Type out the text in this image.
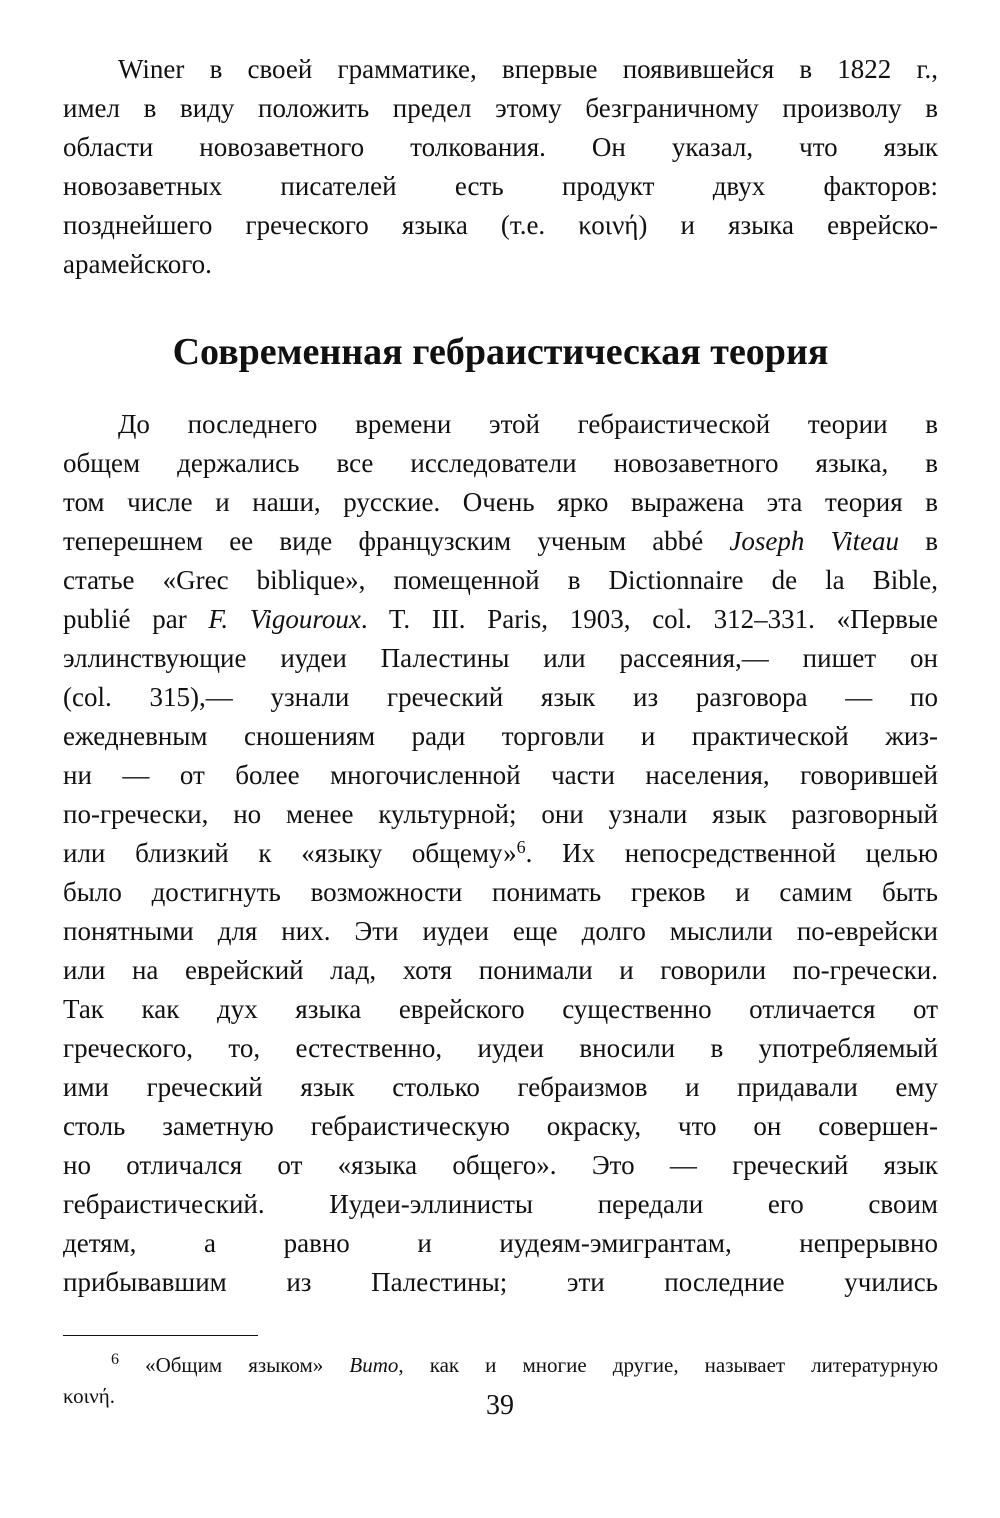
Winer в своей грамматике, впервые появившейся в 1822 г.,
имел в виду положить предел этому безграничному произволу в
области новозаветного толкования. Он указал, что язык
новозаветных писателей есть продукт двух факторов:
позднейшего греческого языка (т.е. κοινή) и языка еврейско-
арамейского.
Современная гебраистическая теория
До последнего времени этой гебраистической теории в
общем держались все исследователи новозаветного языка, в
том числе и наши, русские. Очень ярко выражена эта теория в
теперешнем ее виде французским ученым abbé Joseph Viteau в
статье «Grec biblique», помещенной в Dictionnaire de la Bible,
publié par F. Vigouroux. T. III. Paris, 1903, col. 312–331. «Первые
эллинствующие иудеи Палестины или рассеяния,— пишет он
(col. 315),— узнали греческий язык из разговора — по
ежедневным сношениям ради торговли и практической жиз-
ни — от более многочисленной части населения, говорившей
по-гречески, но менее культурной; они узнали язык разговорный
или близкий к «языку общему»$^6$. Их непосредственной целью
было достигнуть возможности понимать греков и самим быть
понятными для них. Эти иудеи еще долго мыслили по-еврейски
или на еврейский лад, хотя понимали и говорили по-гречески.
Так как дух языка еврейского существенно отличается от
греческого, то, естественно, иудеи вносили в употребляемый
ими греческий язык столько гебраизмов и придавали ему
столь заметную гебраистическую окраску, что он совершен-
но отличался от «языка общего». Это — греческий язык
гебраистический. Иудеи-эллинисты передали его своим
детям, а равно и иудеям-эмигрантам, непрерывно
прибывавшим из Палестины; эти последние учились
$^6$ «Общим языком» Вито, как и многие другие, называет литературную
κοινή.	39
